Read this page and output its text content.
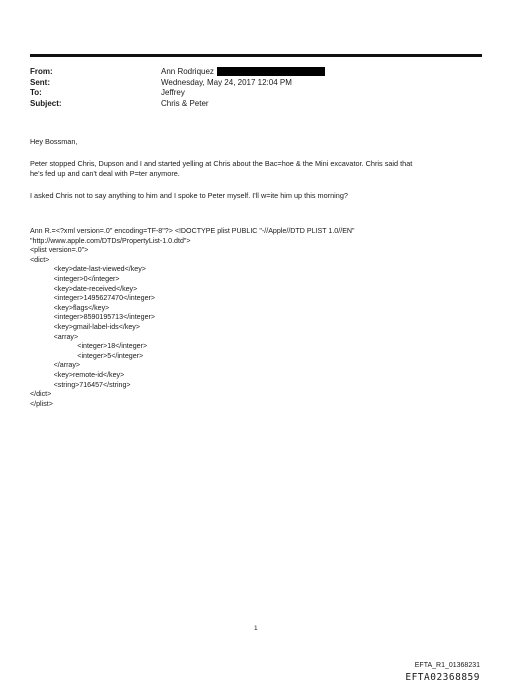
From:	Ann Rodriquez
Sent:	Wednesday, May 24, 2017 12:04 PM
To:	Jeffrey
Subject:	Chris & Peter
Hey Bossman,
Peter stopped Chris, Dupson and I and started yelling at Chris about the Bac=hoe & the Mini excavator. Chris said that
he's fed up and can't deal with P=ter anymore.
I asked Chris not to say anything to him and I spoke to Peter myself. I'll w=ite him up this morning?
Ann R.=<?xml version=.0" encoding=TF-8"?> <!DOCTYPE plist PUBLIC "-//Apple//DTD PLIST 1.0//EN"
"http://www.apple.com/DTDs/PropertyList-1.0.dtd">
<plist version=.0">
<dict>
<key>date-last-viewed</key>
<integer>0</integer>
<key>date-received</key>
<integer>1495627470</integer>
<key>flags</key>
<integer>8590195713</integer>
<key>gmail-label-ids</key>
<array>
<integer>18</integer>
<integer>5</integer>
</array>
<key>remote-id</key>
<string>716457</string>
</dict>
</plist>
1
EFTA_R1_01368231
EFTA02368859
